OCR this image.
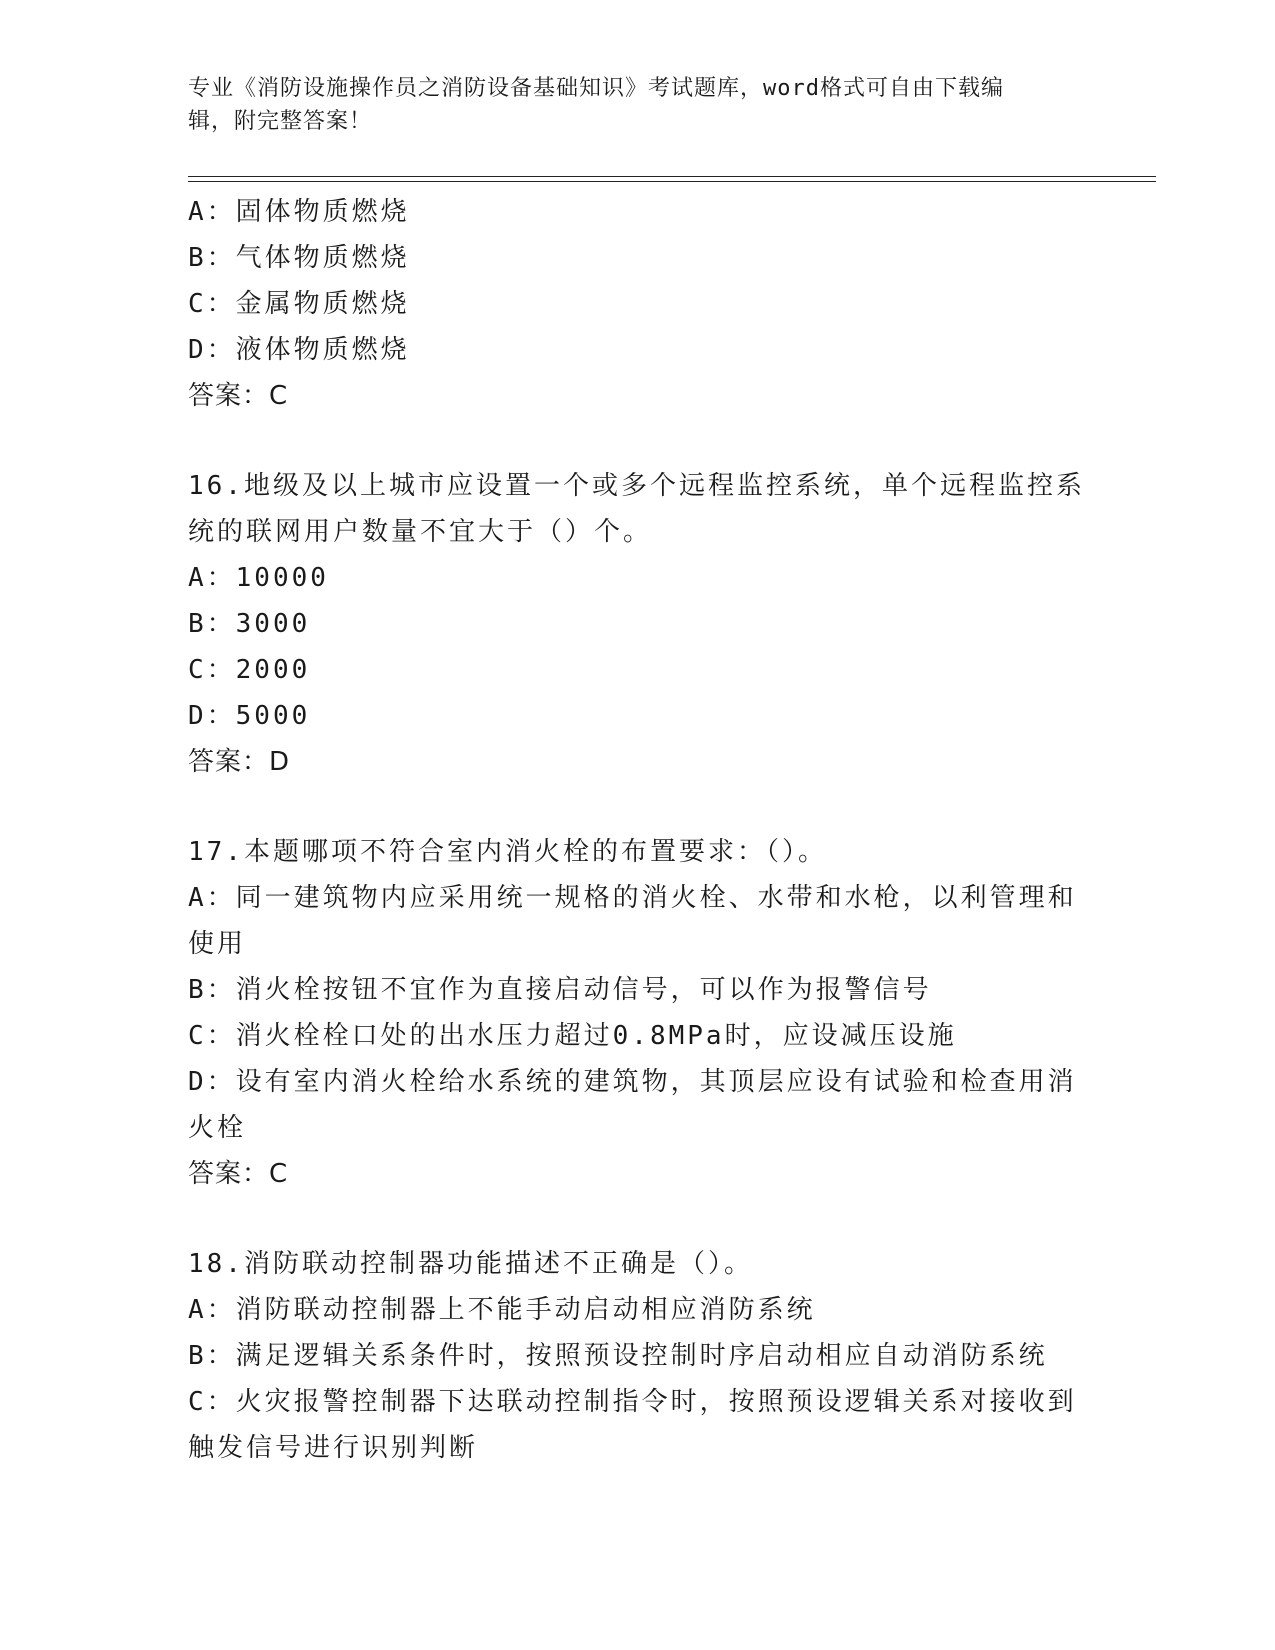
专业《消防设施操作员之消防设备基础知识》考试题库，word格式可自由下载编
辑，附完整答案！
A：固体物质燃烧
B：气体物质燃烧
C：金属物质燃烧
D：液体物质燃烧
答案：C
16.地级及以上城市应设置一个或多个远程监控系统，单个远程监控系
统的联网用户数量不宜大于（）个。
A：10000
B：3000
C：2000
D：5000
答案：D
17.本题哪项不符合室内消火栓的布置要求：（）。
A：同一建筑物内应采用统一规格的消火栓、水带和水枪，以利管理和
使用
B：消火栓按钮不宜作为直接启动信号，可以作为报警信号
C：消火栓栓口处的出水压力超过0.8MPa时，应设减压设施
D：设有室内消火栓给水系统的建筑物，其顶层应设有试验和检查用消
火栓
答案：C
18.消防联动控制器功能描述不正确是（）。
A：消防联动控制器上不能手动启动相应消防系统
B：满足逻辑关系条件时，按照预设控制时序启动相应自动消防系统
C：火灾报警控制器下达联动控制指令时，按照预设逻辑关系对接收到
触发信号进行识别判断
